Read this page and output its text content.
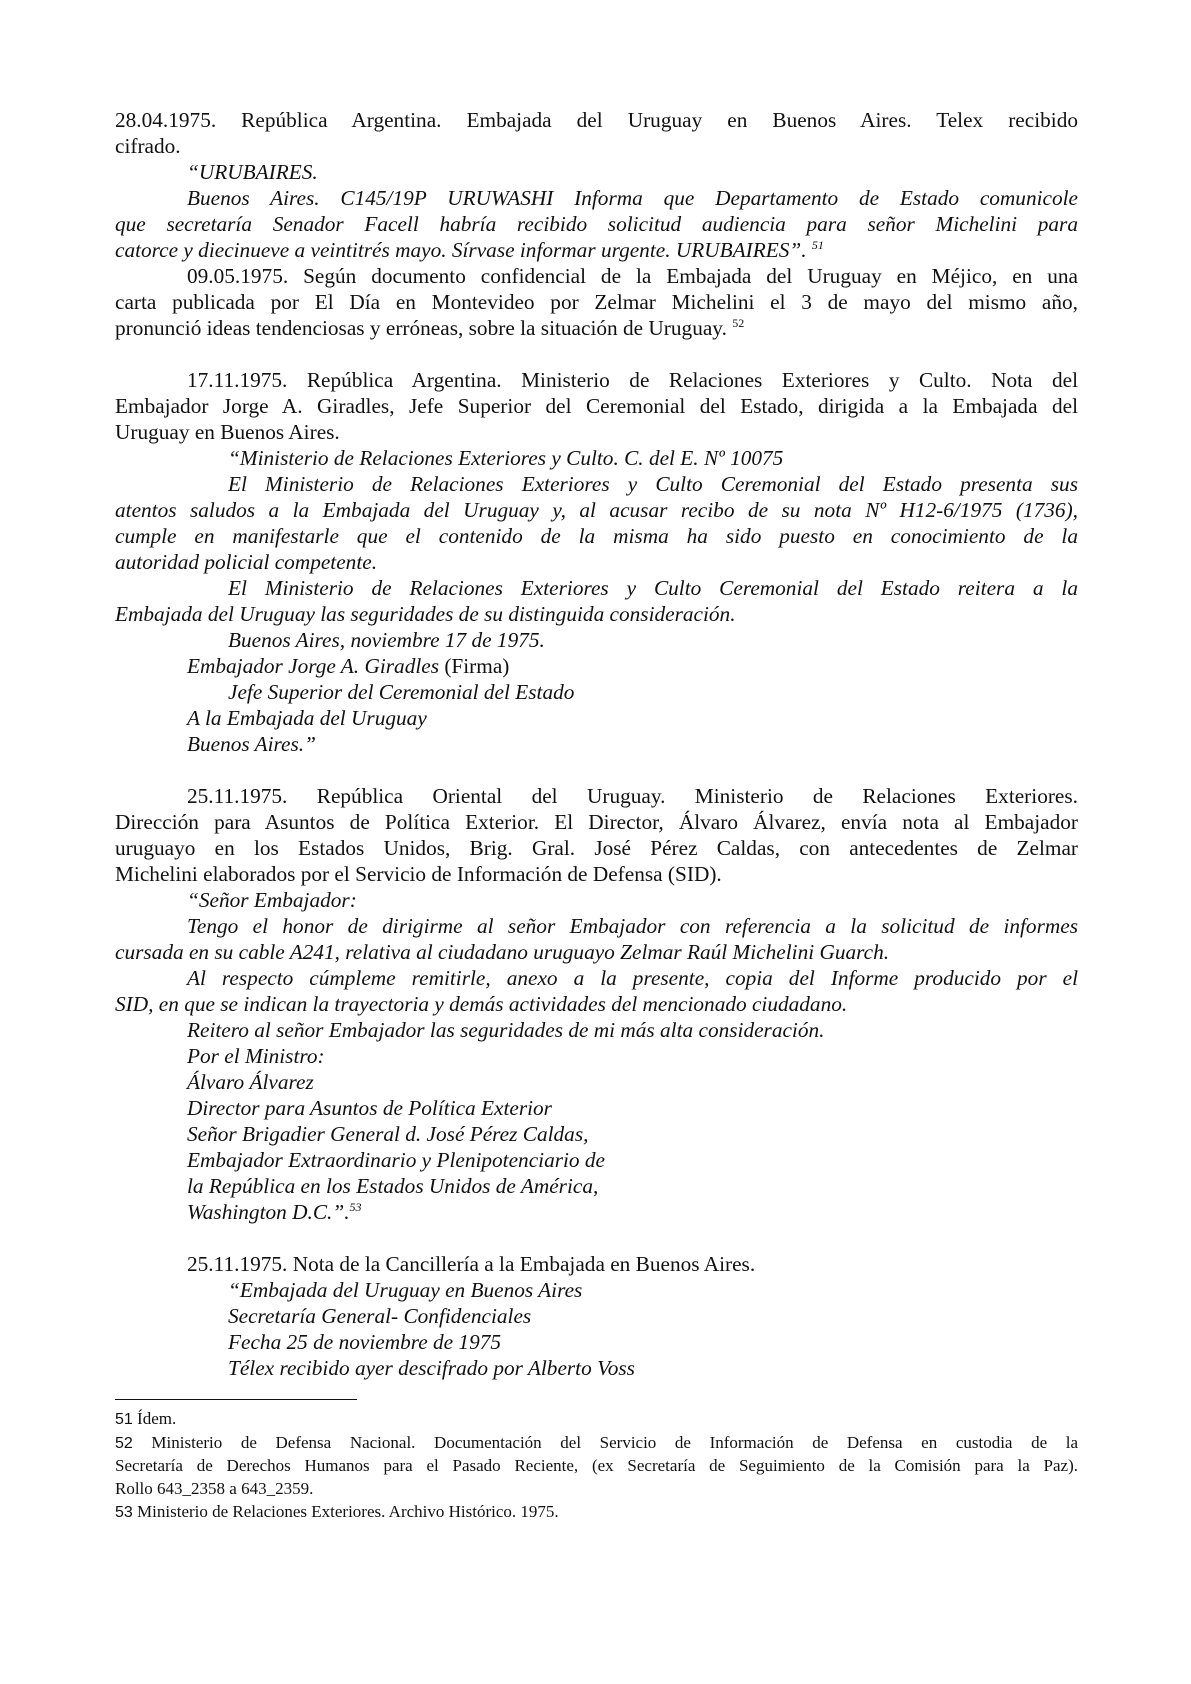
28.04.1975. República Argentina. Embajada del Uruguay en Buenos Aires. Telex recibido
cifrado.
“URUBAIRES.
Buenos Aires. C145/19P URUWASHI Informa que Departamento de Estado comunicole
que secretaría Senador Facell habría recibido solicitud audiencia para señor Michelini para
catorce y diecinueve a veintitrés mayo. Sírvase informar urgente. URUBAIRES”. $^{51}$
09.05.1975. Según documento confidencial de la Embajada del Uruguay en Méjico, en una
carta publicada por El Día en Montevideo por Zelmar Michelini el 3 de mayo del mismo año,
pronunció ideas tendenciosas y erróneas, sobre la situación de Uruguay. $^{52}$
17.11.1975. República Argentina. Ministerio de Relaciones Exteriores y Culto. Nota del
Embajador Jorge A. Giradles, Jefe Superior del Ceremonial del Estado, dirigida a la Embajada del
Uruguay en Buenos Aires.
“Ministerio de Relaciones Exteriores y Culto. C. del E. Nº 10075
El Ministerio de Relaciones Exteriores y Culto Ceremonial del Estado presenta sus
atentos saludos a la Embajada del Uruguay y, al acusar recibo de su nota Nº H12-6/1975 (1736),
cumple en manifestarle que el contenido de la misma ha sido puesto en conocimiento de la
autoridad policial competente.
El Ministerio de Relaciones Exteriores y Culto Ceremonial del Estado reitera a la
Embajada del Uruguay las seguridades de su distinguida consideración.
Buenos Aires, noviembre 17 de 1975.
Embajador Jorge A. Giradles (Firma)
Jefe Superior del Ceremonial del Estado
A la Embajada del Uruguay
Buenos Aires.”
25.11.1975. República Oriental del Uruguay. Ministerio de Relaciones Exteriores.
Dirección para Asuntos de Política Exterior. El Director, Álvaro Álvarez, envía nota al Embajador
uruguayo en los Estados Unidos, Brig. Gral. José Pérez Caldas, con antecedentes de Zelmar
Michelini elaborados por el Servicio de Información de Defensa (SID).
“Señor Embajador:
Tengo el honor de dirigirme al señor Embajador con referencia a la solicitud de informes
cursada en su cable A241, relativa al ciudadano uruguayo Zelmar Raúl Michelini Guarch.
Al respecto cúmpleme remitirle, anexo a la presente, copia del Informe producido por el
SID, en que se indican la trayectoria y demás actividades del mencionado ciudadano.
Reitero al señor Embajador las seguridades de mi más alta consideración.
Por el Ministro:
Álvaro Álvarez
Director para Asuntos de Política Exterior
Señor Brigadier General d. José Pérez Caldas,
Embajador Extraordinario y Plenipotenciario de
la República en los Estados Unidos de América,
Washington D.C.”.$^{53}$
25.11.1975. Nota de la Cancillería a la Embajada en Buenos Aires.
“Embajada del Uruguay en Buenos Aires
Secretaría General- Confidenciales
Fecha 25 de noviembre de 1975
Télex recibido ayer descifrado por Alberto Voss
51 Ídem.
52 Ministerio de Defensa Nacional. Documentación del Servicio de Información de Defensa en custodia de la
Secretaría de Derechos Humanos para el Pasado Reciente, (ex Secretaría de Seguimiento de la Comisión para la Paz).
Rollo 643_2358 a 643_2359.
53 Ministerio de Relaciones Exteriores. Archivo Histórico. 1975.
